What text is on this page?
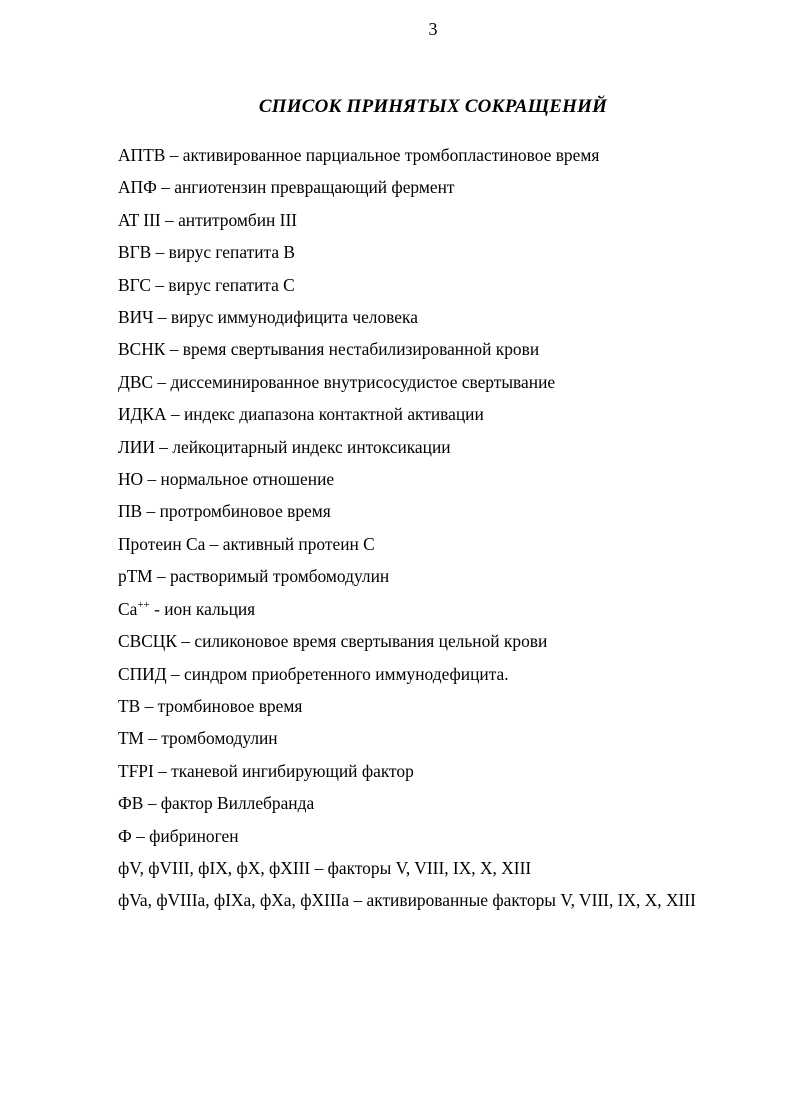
3
СПИСОК ПРИНЯТЫХ СОКРАЩЕНИЙ
АПТВ – активированное парциальное тромбопластиновое время
АПФ – ангиотензин превращающий фермент
AT III – антитромбин III
ВГВ – вирус гепатита В
ВГС – вирус гепатита С
ВИЧ – вирус иммунодифицита человека
ВСНК – время свертывания нестабилизированной крови
ДВС – диссеминированное внутрисосудистое свертывание
ИДКА – индекс диапазона контактной активации
ЛИИ – лейкоцитарный индекс интоксикации
НО – нормальное отношение
ПВ – протромбиновое время
Протеин Са – активный протеин С
рТМ – растворимый тромбомодулин
Ca++ - ион кальция
СВСЦК – силиконовое время свертывания цельной крови
СПИД – синдром приобретенного иммунодефицита.
ТВ – тромбиновое время
ТМ – тромбомодулин
TFPI – тканевой ингибирующий фактор
ФВ – фактор Виллебранда
Ф – фибриноген
фV, фVIII, фIX, фX, фXIII – факторы V, VIII, IX, X, XIII
фVa, фVIIIa, фIXa, фXa, фXIIIa – активированные факторы V, VIII, IX, X, XIII
